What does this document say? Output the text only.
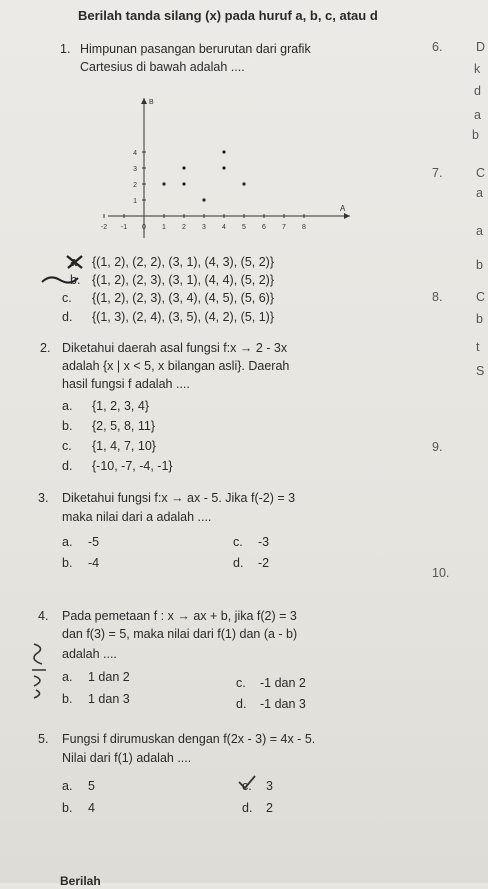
Berilah tanda silang (x) pada huruf a, b, c, atau d
1. Himpunan pasangan berurutan dari grafik
Cartesius di bawah adalah ....
-2 -1 0 1 2 3 4 5 6 7 8
4
3
2
1
A
B
a. {(1, 2), (2, 2), (3, 1), (4, 3), (5, 2)}
b. {(1, 2), (2, 3), (3, 1), (4, 4), (5, 2)}
c. {(1, 2), (2, 3), (3, 4), (4, 5), (5, 6)}
d. {(1, 3), (2, 4), (3, 5), (4, 2), (5, 1)}
2. Diketahui daerah asal fungsi f:x → 2 - 3x
adalah {x | x < 5, x bilangan asli}. Daerah
hasil fungsi f adalah ....
a. {1, 2, 3, 4}
b. {2, 5, 8, 11}
c. {1, 4, 7, 10}
d. {-10, -7, -4, -1}
3. Diketahui fungsi f:x → ax - 5. Jika f(-2) = 3
maka nilai dari a adalah ....
a. -5
b. -4
c. -3
d. -2
4. Pada pemetaan f : x → ax + b, jika f(2) = 3
dan f(3) = 5, maka nilai dari f(1) dan (a - b)
adalah ....
a. 1 dan 2
b. 1 dan 3
c. -1 dan 2
d. -1 dan 3
5. Fungsi f dirumuskan dengan f(2x - 3) = 4x - 5.
Nilai dari f(1) adalah ....
a. 5
b. 4
c. 3
d. 2
6.	D
k
d
a
b
7.	C
a
a
b
8.	C
b
t
S
9.
10.
Berilah
